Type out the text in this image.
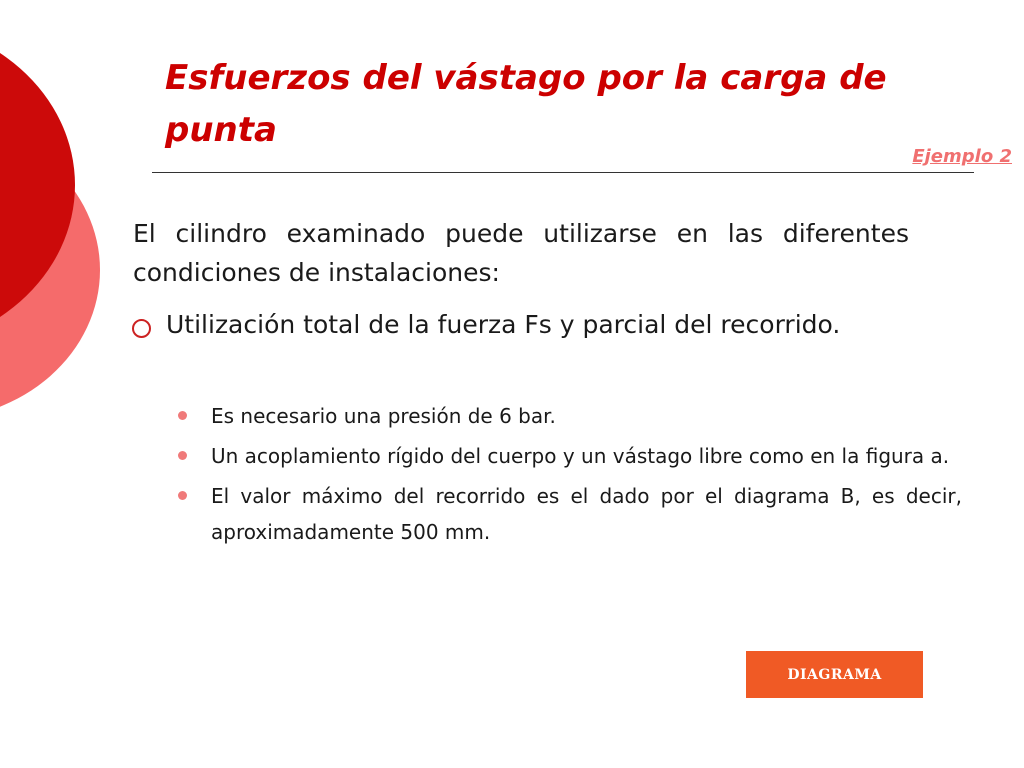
Esfuerzos del vástago por la carga de punta
Ejemplo 2

El cilindro examinado puede utilizarse en las diferentes condiciones de instalaciones:

Utilización total de la fuerza Fs y parcial del recorrido.
Es necesario una presión de 6 bar.
Un acoplamiento rígido del cuerpo y un vástago libre como en la figura a.
El valor máximo del recorrido es el dado por el diagrama B, es decir, aproximadamente 500 mm.
DIAGRAMA
